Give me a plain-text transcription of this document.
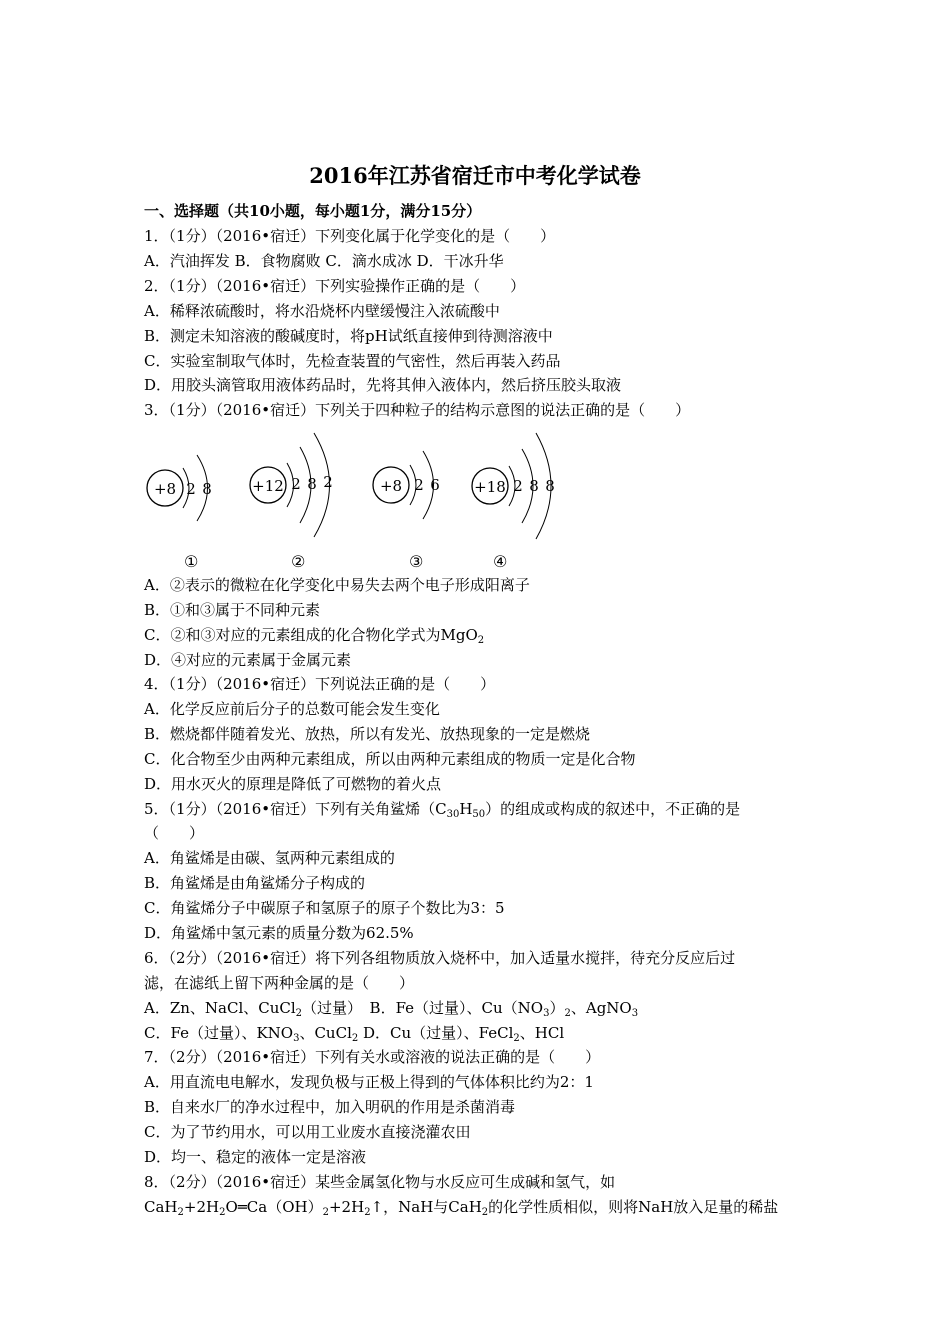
2016年江苏省宿迁市中考化学试卷
一、选择题（共10小题，每小题1分，满分15分）
1．（1分）（2016•宿迁）下列变化属于化学变化的是（　　）
A．汽油挥发 B．食物腐败 C．滴水成冰 D．干冰升华
2．（1分）（2016•宿迁）下列实验操作正确的是（　　）
A．稀释浓硫酸时，将水沿烧杯内壁缓慢注入浓硫酸中
B．测定未知溶液的酸碱度时，将pH试纸直接伸到待测溶液中
C．实验室制取气体时，先检查装置的气密性，然后再装入药品
D．用胶头滴管取用液体药品时，先将其伸入液体内，然后挤压胶头取液
3．（1分）（2016•宿迁）下列关于四种粒子的结构示意图的说法正确的是（　　）
+8 2 8	+12 2 8 2	+8 2 6 +18 2 8 8
①	②	③	④
A．②表示的微粒在化学变化中易失去两个电子形成阳离子
B．①和③属于不同种元素
C．②和③对应的元素组成的化合物化学式为MgO$_2$
D．④对应的元素属于金属元素
4．（1分）（2016•宿迁）下列说法正确的是（　　）
A．化学反应前后分子的总数可能会发生变化
B．燃烧都伴随着发光、放热，所以有发光、放热现象的一定是燃烧
C．化合物至少由两种元素组成，所以由两种元素组成的物质一定是化合物
D．用水灭火的原理是降低了可燃物的着火点
5．（1分）（2016•宿迁）下列有关角鲨烯$(C_{30}H_{50})$的组成或构成的叙述中，不正确的是
（　　）
A．角鲨烯是由碳、氢两种元素组成的
B．角鲨烯是由角鲨烯分子构成的
C．角鲨烯分子中碳原子和氢原子的原子个数比为3：5
D．角鲨烯中氢元素的质量分数为62.5%
6．（2分）（2016•宿迁）将下列各组物质放入烧杯中，加入适量水搅拌，待充分反应后过
滤，在滤纸上留下两种金属的是（　　）
A．Zn、NaCl、CuCl$_2$（过量）　B．Fe（过量）、$Cu(NO_3)_2$、AgNO$_3$
C．Fe（过量）、$KNO_3$、CuCl$_2$ D．Cu（过量）、FeCl$_2$、HCl
7．（2分）（2016•宿迁）下列有关水或溶液的说法正确的是（　　）
A．用直流电电解水，发现负极与正极上得到的气体体积比约为2：1
B．自来水厂的净水过程中，加入明矾的作用是杀菌消毒
C．为了节约用水，可以用工业废水直接浇灌农田
D．均一、稳定的液体一定是溶液
8．（2分）（2016•宿迁）某些金属氢化物与水反应可生成碱和氢气，如
$CaH_2+2H_2O═Ca(OH)_2+2H_2↑$，NaH与CaH$_2$的化学性质相似，则将NaH放入足量的稀盐
